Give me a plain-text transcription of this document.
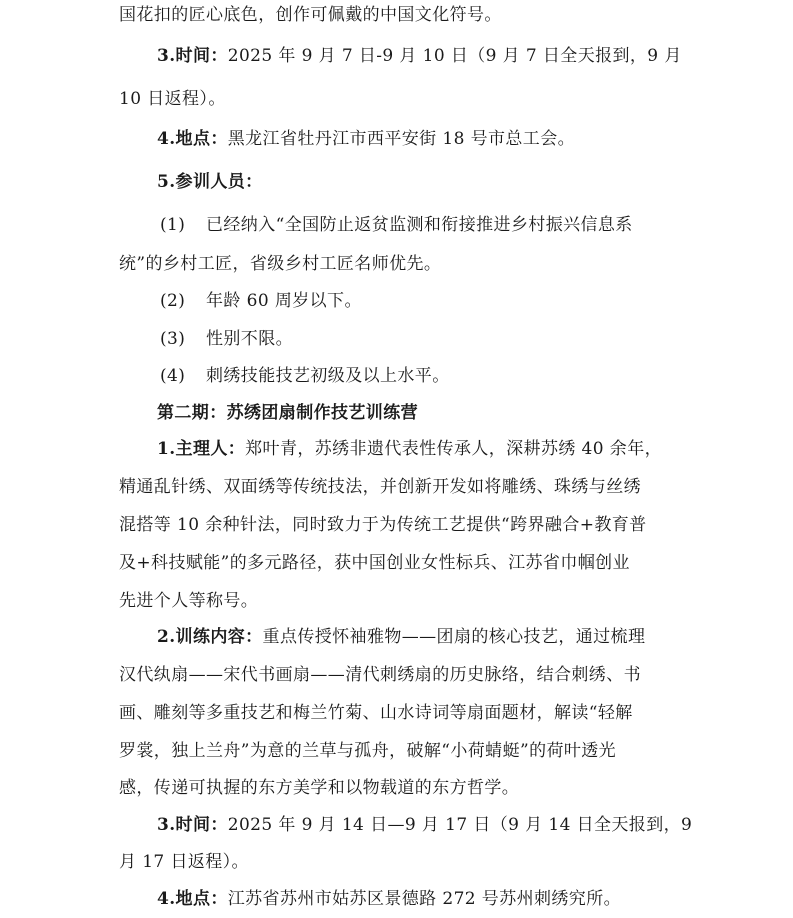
国花扣的匠心底色，创作可佩戴的中国文化符号。
3.时间：2025 年 9 月 7 日-9 月 10 日（9 月 7 日全天报到，9 月
10 日返程）。
4.地点：黑龙江省牡丹江市西平安街 18 号市总工会。
5.参训人员：
(1) 已经纳入“全国防止返贫监测和衔接推进乡村振兴信息系
统”的乡村工匠，省级乡村工匠名师优先。
(2) 年龄 60 周岁以下。
(3) 性别不限。
(4) 刺绣技能技艺初级及以上水平。
第二期：苏绣团扇制作技艺训练营
1.主理人：郑叶青，苏绣非遗代表性传承人，深耕苏绣 40 余年，
精通乱针绣、双面绣等传统技法，并创新开发如将雕绣、珠绣与丝绣
混搭等 10 余种针法，同时致力于为传统工艺提供“跨界融合+教育普
及+科技赋能”的多元路径，获中国创业女性标兵、江苏省巾帼创业
先进个人等称号。
2.训练内容：重点传授怀袖雅物——团扇的核心技艺，通过梳理
汉代纨扇——宋代书画扇——清代刺绣扇的历史脉络，结合刺绣、书
画、雕刻等多重技艺和梅兰竹菊、山水诗词等扇面题材，解读“轻解
罗裳，独上兰舟”为意的兰草与孤舟，破解“小荷蜻蜓”的荷叶透光
感，传递可执握的东方美学和以物载道的东方哲学。
3.时间：2025 年 9 月 14 日—9 月 17 日（9 月 14 日全天报到，9
月 17 日返程）。
4.地点：江苏省苏州市姑苏区景德路 272 号苏州刺绣究所。
